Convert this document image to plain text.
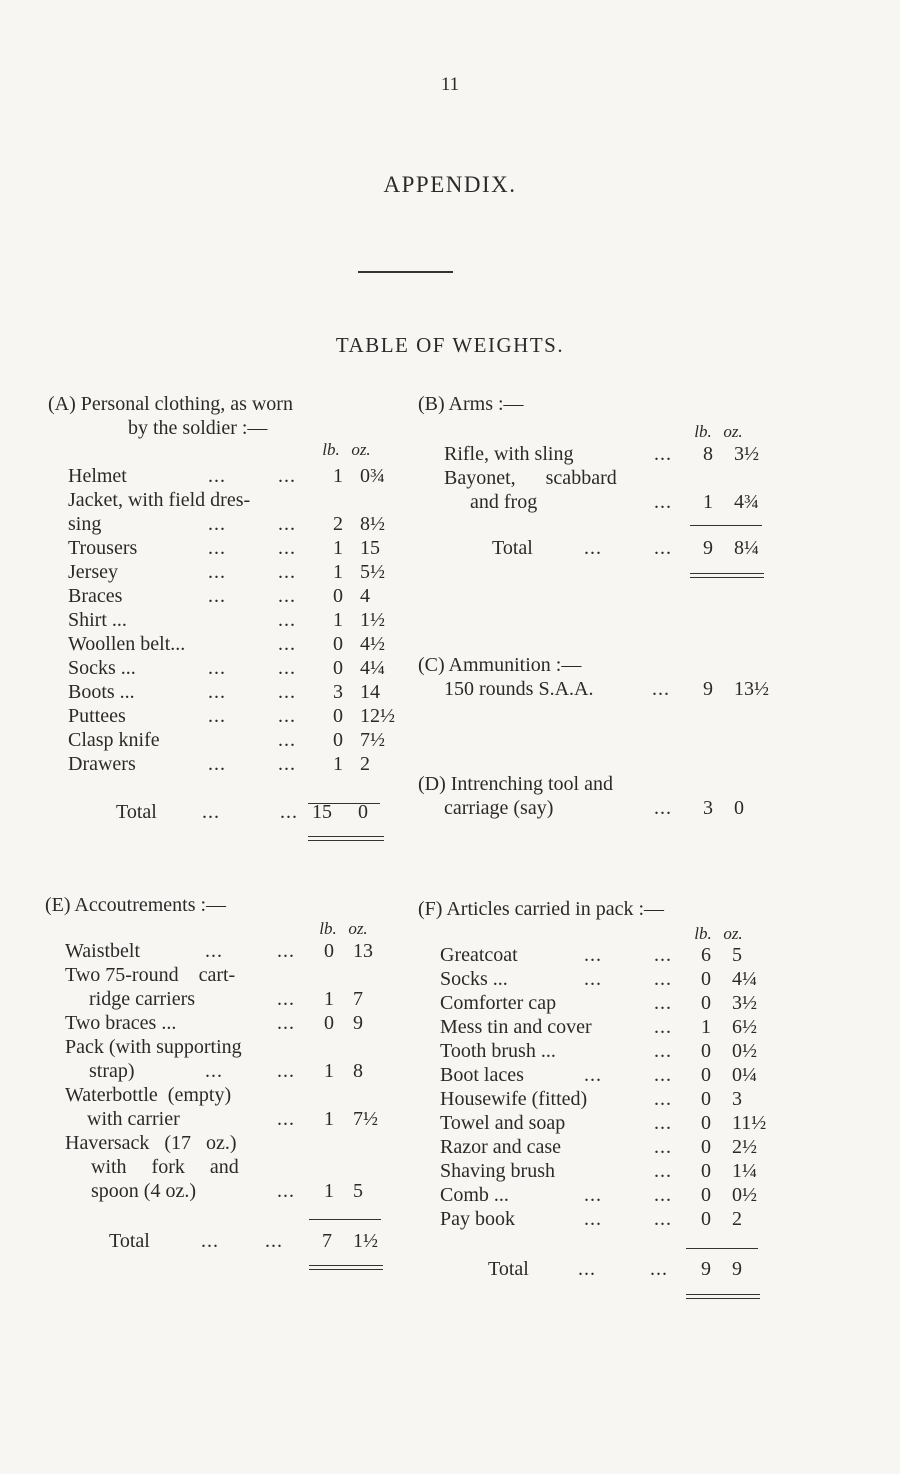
11
APPENDIX.
TABLE OF WEIGHTS.
(A) Personal clothing, as worn
by the soldier :—
lb. oz.
Helmet	...	...	1 0¾
Jacket, with field dres-
sing	...	...	2 8½
Trousers	...	...	1 15
Jersey	...	...	1 5½
Braces	...	...	0 4
Shirt ...	...	1 1½
Woollen belt...	...	0 4½
Socks ...	...	...	0 4¼
Boots ...	...	...	3 14
Puttees	...	...	0 12½
Clasp knife	...	0 7½
Drawers	...	...	1 2
Total ...	... 15	0
(B) Arms :—
lb. oz.
Rifle, with sling	...	8	3½
Bayonet,      scabbard
and frog	...	1	4¾
Total	...	...	9	8¼
(C) Ammunition :—
150 rounds S.A.A.	...	9	13½
(D) Intrenching tool and
carriage (say)	...	3	0
(E) Accoutrements :—
lb. oz.
Waistbelt	...	...	0 13
Two 75-round    cart-
ridge carriers	...	1 7
Two braces ...	...	0 9
Pack (with supporting
strap)	...	...	1 8
Waterbottle  (empty)
with carrier	...	1 7½
Haversack   (17   oz.)
with     fork     and
spoon (4 oz.)	...	1 5
Total	... ...	7	1½
(F) Articles carried in pack :—
lb. oz.
Greatcoat	...	...	6	5
Socks ...	...	...	0	4¼
Comforter cap	...	0	3½
Mess tin and cover	...	1	6½
Tooth brush ...	...	0	0½
Boot laces	...	...	0	0¼
Housewife (fitted)	...	0	3
Towel and soap	...	0	11½
Razor and case	...	0	2½
Shaving brush	...	0	1¼
Comb ...	...	...	0	0½
Pay book	...	...	0	2
Total ...	...	9	9
